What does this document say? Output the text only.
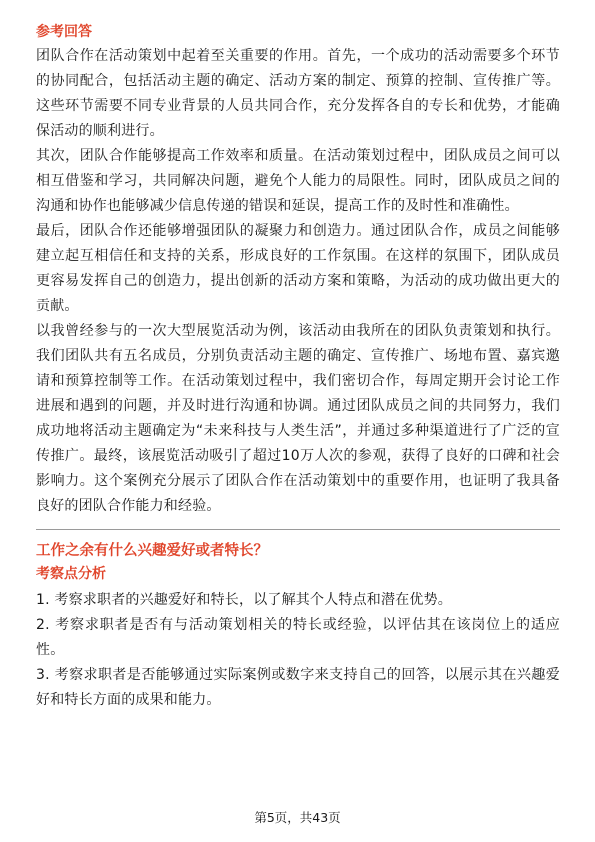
参考回答

团队合作在活动策划中起着至关重要的作用。首先，一个成功的活动需要多个环节的协同配合，包括活动主题的确定、活动方案的制定、预算的控制、宣传推广等。这些环节需要不同专业背景的人员共同合作，充分发挥各自的专长和优势，才能确保活动的顺利进行。

其次，团队合作能够提高工作效率和质量。在活动策划过程中，团队成员之间可以相互借鉴和学习，共同解决问题，避免个人能力的局限性。同时，团队成员之间的沟通和协作也能够减少信息传递的错误和延误，提高工作的及时性和准确性。

最后，团队合作还能够增强团队的凝聚力和创造力。通过团队合作，成员之间能够建立起互相信任和支持的关系，形成良好的工作氛围。在这样的氛围下，团队成员更容易发挥自己的创造力，提出创新的活动方案和策略，为活动的成功做出更大的贡献。

以我曾经参与的一次大型展览活动为例，该活动由我所在的团队负责策划和执行。我们团队共有五名成员，分别负责活动主题的确定、宣传推广、场地布置、嘉宾邀请和预算控制等工作。在活动策划过程中，我们密切合作，每周定期开会讨论工作进展和遇到的问题，并及时进行沟通和协调。通过团队成员之间的共同努力，我们成功地将活动主题确定为“未来科技与人类生活”，并通过多种渠道进行了广泛的宣传推广。最终，该展览活动吸引了超过10万人次的参观，获得了良好的口碑和社会影响力。这个案例充分展示了团队合作在活动策划中的重要作用，也证明了我具备良好的团队合作能力和经验。

工作之余有什么兴趣爱好或者特长？

考察点分析

1. 考察求职者的兴趣爱好和特长，以了解其个人特点和潜在优势。

2. 考察求职者是否有与活动策划相关的特长或经验，以评估其在该岗位上的适应性。

3. 考察求职者是否能够通过实际案例或数字来支持自己的回答，以展示其在兴趣爱好和特长方面的成果和能力。

第5页，共43页
